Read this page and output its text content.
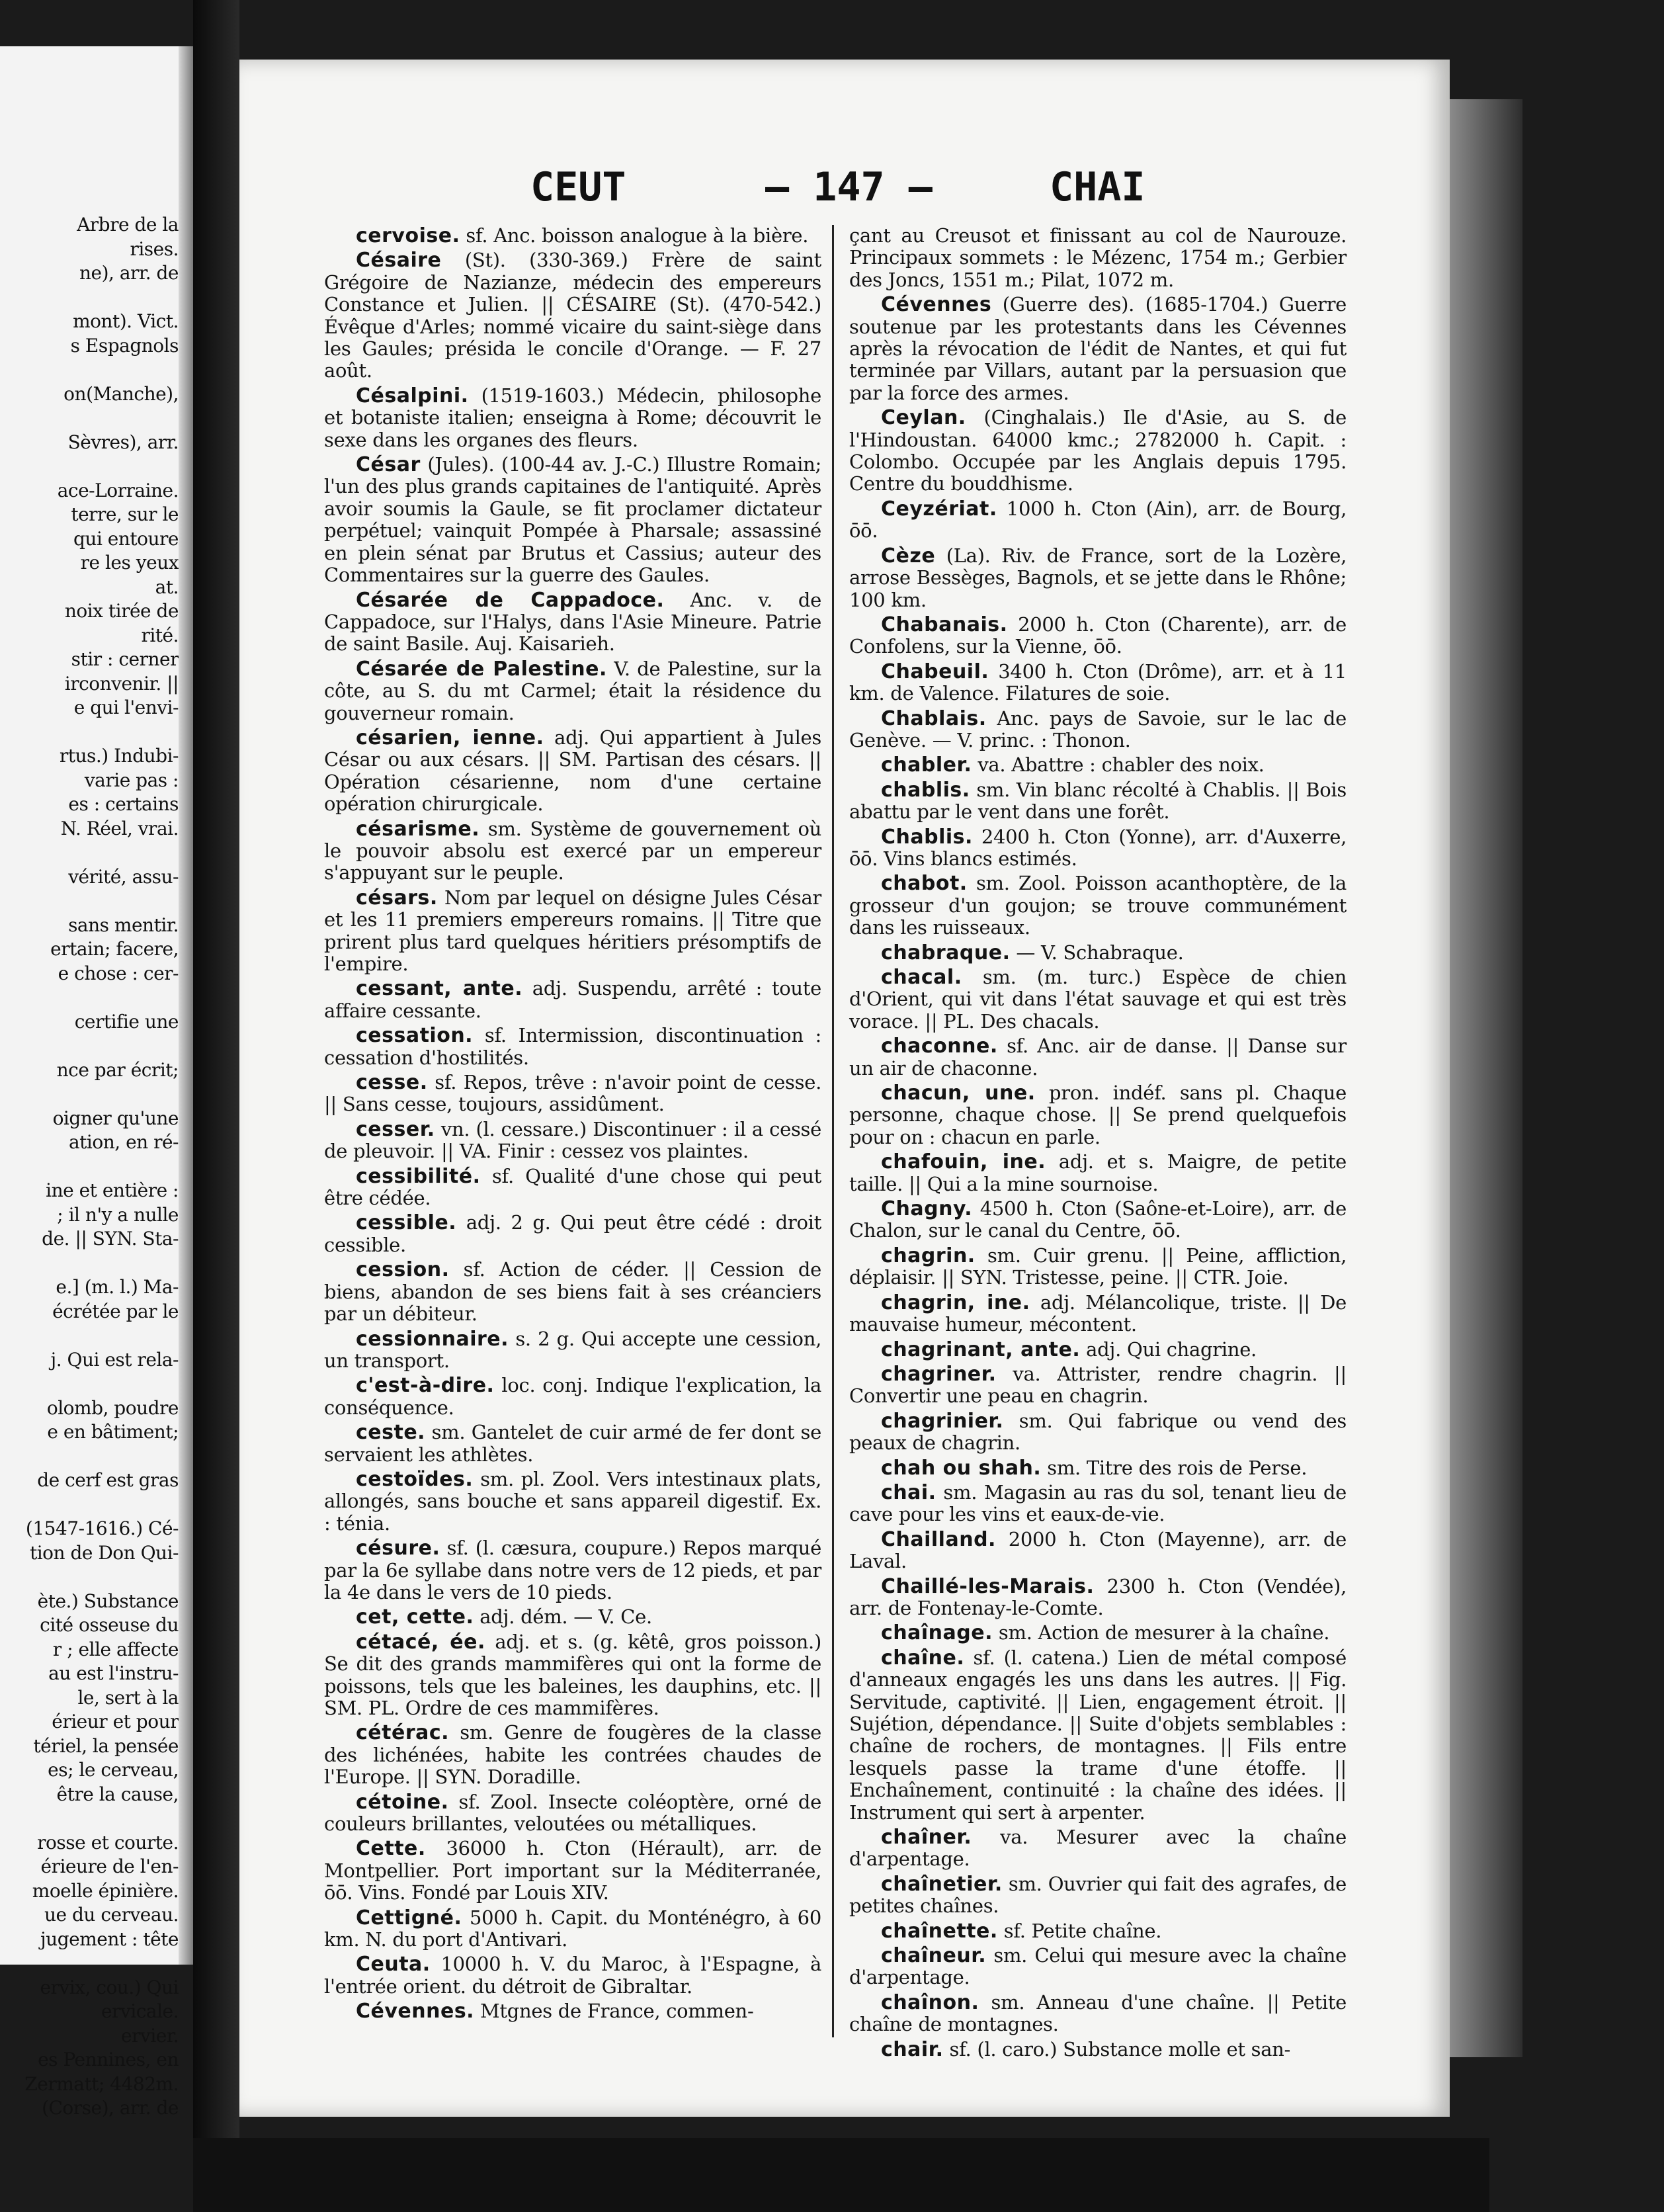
Arbre de la
rises.
ne), arr. de
mont). Vict.
s Espagnols
on(Manche),
Sèvres), arr.
ace-Lorraine.
terre, sur le
qui entoure
re les yeux
at.
noix tirée de
rité.
stir : cerner
irconvenir. ||
e qui l'envi-
rtus.) Indubi-
varie pas :
es : certains
N. Réel, vrai.
vérité, assu-
sans mentir.
ertain; facere,
e chose : cer-
certifie une
nce par écrit;
oigner qu'une
ation, en ré-
ine et entière :
; il n'y a nulle
de. || SYN. Sta-
e.] (m. l.) Ma-
écrétée par le
j. Qui est rela-
olomb, poudre
e en bâtiment;
de cerf est gras
(1547-1616.) Cé-
tion de Don Qui-
ète.) Substance
cité osseuse du
r ; elle affecte
au est l'instru-
le, sert à la
érieur et pour
tériel, la pensée
es; le cerveau,
être la cause,
rosse et courte.
érieure de l'en-
moelle épinière.
ue du cerveau.
jugement : tête
ervix, cou.) Qui
ervicale.
ervier.
es Pennines, en
Zermatt; 4482m.
(Corse), arr. de
CEUT	— 147 —	CHAI

cervoise. sf. Anc. boisson analogue à la bière.

Césaire (St). (330-369.) Frère de saint Grégoire de Nazianze, médecin des empereurs Constance et Julien. || CÉSAIRE (St). (470-542.) Évêque d'Arles; nommé vicaire du saint-siège dans les Gaules; présida le concile d'Orange. — F. 27 août.

Césalpini. (1519-1603.) Médecin, philosophe et botaniste italien; enseigna à Rome; découvrit le sexe dans les organes des fleurs.

César (Jules). (100-44 av. J.-C.) Illustre Romain; l'un des plus grands capitaines de l'antiquité. Après avoir soumis la Gaule, se fit proclamer dictateur perpétuel; vainquit Pompée à Pharsale; assassiné en plein sénat par Brutus et Cassius; auteur des Commentaires sur la guerre des Gaules.

Césarée de Cappadoce. Anc. v. de Cappadoce, sur l'Halys, dans l'Asie Mineure. Patrie de saint Basile. Auj. Kaisarieh.

Césarée de Palestine. V. de Palestine, sur la côte, au S. du mt Carmel; était la résidence du gouverneur romain.

césarien, ienne. adj. Qui appartient à Jules César ou aux césars. || SM. Partisan des césars. || Opération césarienne, nom d'une certaine opération chirurgicale.

césarisme. sm. Système de gouvernement où le pouvoir absolu est exercé par un empereur s'appuyant sur le peuple.

césars. Nom par lequel on désigne Jules César et les 11 premiers empereurs romains. || Titre que prirent plus tard quelques héritiers présomptifs de l'empire.

cessant, ante. adj. Suspendu, arrêté : toute affaire cessante.

cessation. sf. Intermission, discontinuation : cessation d'hostilités.

cesse. sf. Repos, trêve : n'avoir point de cesse. || Sans cesse, toujours, assidûment.

cesser. vn. (l. cessare.) Discontinuer : il a cessé de pleuvoir. || VA. Finir : cessez vos plaintes.

cessibilité. sf. Qualité d'une chose qui peut être cédée.

cessible. adj. 2 g. Qui peut être cédé : droit cessible.

cession. sf. Action de céder. || Cession de biens, abandon de ses biens fait à ses créanciers par un débiteur.

cessionnaire. s. 2 g. Qui accepte une cession, un transport.

c'est-à-dire. loc. conj. Indique l'explication, la conséquence.

ceste. sm. Gantelet de cuir armé de fer dont se servaient les athlètes.

cestoïdes. sm. pl. Zool. Vers intestinaux plats, allongés, sans bouche et sans appareil digestif. Ex. : ténia.

césure. sf. (l. cæsura, coupure.) Repos marqué par la 6e syllabe dans notre vers de 12 pieds, et par la 4e dans le vers de 10 pieds.

cet, cette. adj. dém. — V. Ce.

cétacé, ée. adj. et s. (g. kêtê, gros poisson.) Se dit des grands mammifères qui ont la forme de poissons, tels que les baleines, les dauphins, etc. || SM. PL. Ordre de ces mammifères.

cétérac. sm. Genre de fougères de la classe des lichénées, habite les contrées chaudes de l'Europe. || SYN. Doradille.

cétoine. sf. Zool. Insecte coléoptère, orné de couleurs brillantes, veloutées ou métalliques.

Cette. 36000 h. Cton (Hérault), arr. de Montpellier. Port important sur la Méditerranée, ōō. Vins. Fondé par Louis XIV.

Cettigné. 5000 h. Capit. du Monténégro, à 60 km. N. du port d'Antivari.

Ceuta. 10000 h. V. du Maroc, à l'Espagne, à l'entrée orient. du détroit de Gibraltar.

Cévennes. Mtgnes de France, commen-

çant au Creusot et finissant au col de Naurouze. Principaux sommets : le Mézenc, 1754 m.; Gerbier des Joncs, 1551 m.; Pilat, 1072 m.

Cévennes (Guerre des). (1685-1704.) Guerre soutenue par les protestants dans les Cévennes après la révocation de l'édit de Nantes, et qui fut terminée par Villars, autant par la persuasion que par la force des armes.

Ceylan. (Cinghalais.) Ile d'Asie, au S. de l'Hindoustan. 64000 kmc.; 2782000 h. Capit. : Colombo. Occupée par les Anglais depuis 1795. Centre du bouddhisme.

Ceyzériat. 1000 h. Cton (Ain), arr. de Bourg, ōō.

Cèze (La). Riv. de France, sort de la Lozère, arrose Bessèges, Bagnols, et se jette dans le Rhône; 100 km.

Chabanais. 2000 h. Cton (Charente), arr. de Confolens, sur la Vienne, ōō.

Chabeuil. 3400 h. Cton (Drôme), arr. et à 11 km. de Valence. Filatures de soie.

Chablais. Anc. pays de Savoie, sur le lac de Genève. — V. princ. : Thonon.

chabler. va. Abattre : chabler des noix.

chablis. sm. Vin blanc récolté à Chablis. || Bois abattu par le vent dans une forêt.

Chablis. 2400 h. Cton (Yonne), arr. d'Auxerre, ōō. Vins blancs estimés.

chabot. sm. Zool. Poisson acanthoptère, de la grosseur d'un goujon; se trouve communément dans les ruisseaux.

chabraque. — V. Schabraque.

chacal. sm. (m. turc.) Espèce de chien d'Orient, qui vit dans l'état sauvage et qui est très vorace. || PL. Des chacals.

chaconne. sf. Anc. air de danse. || Danse sur un air de chaconne.

chacun, une. pron. indéf. sans pl. Chaque personne, chaque chose. || Se prend quelquefois pour on : chacun en parle.

chafouin, ine. adj. et s. Maigre, de petite taille. || Qui a la mine sournoise.

Chagny. 4500 h. Cton (Saône-et-Loire), arr. de Chalon, sur le canal du Centre, ōō.

chagrin. sm. Cuir grenu. || Peine, affliction, déplaisir. || SYN. Tristesse, peine. || CTR. Joie.

chagrin, ine. adj. Mélancolique, triste. || De mauvaise humeur, mécontent.

chagrinant, ante. adj. Qui chagrine.

chagriner. va. Attrister, rendre chagrin. || Convertir une peau en chagrin.

chagrinier. sm. Qui fabrique ou vend des peaux de chagrin.

chah ou shah. sm. Titre des rois de Perse.

chai. sm. Magasin au ras du sol, tenant lieu de cave pour les vins et eaux-de-vie.

Chailland. 2000 h. Cton (Mayenne), arr. de Laval.

Chaillé-les-Marais. 2300 h. Cton (Vendée), arr. de Fontenay-le-Comte.

chaînage. sm. Action de mesurer à la chaîne.

chaîne. sf. (l. catena.) Lien de métal composé d'anneaux engagés les uns dans les autres. || Fig. Servitude, captivité. || Lien, engagement étroit. || Sujétion, dépendance. || Suite d'objets semblables : chaîne de rochers, de montagnes. || Fils entre lesquels passe la trame d'une étoffe. || Enchaînement, continuité : la chaîne des idées. || Instrument qui sert à arpenter.

chaîner. va. Mesurer avec la chaîne d'arpentage.

chaînetier. sm. Ouvrier qui fait des agrafes, de petites chaînes.

chaînette. sf. Petite chaîne.

chaîneur. sm. Celui qui mesure avec la chaîne d'arpentage.

chaînon. sm. Anneau d'une chaîne. || Petite chaîne de montagnes.

chair. sf. (l. caro.) Substance molle et san-
